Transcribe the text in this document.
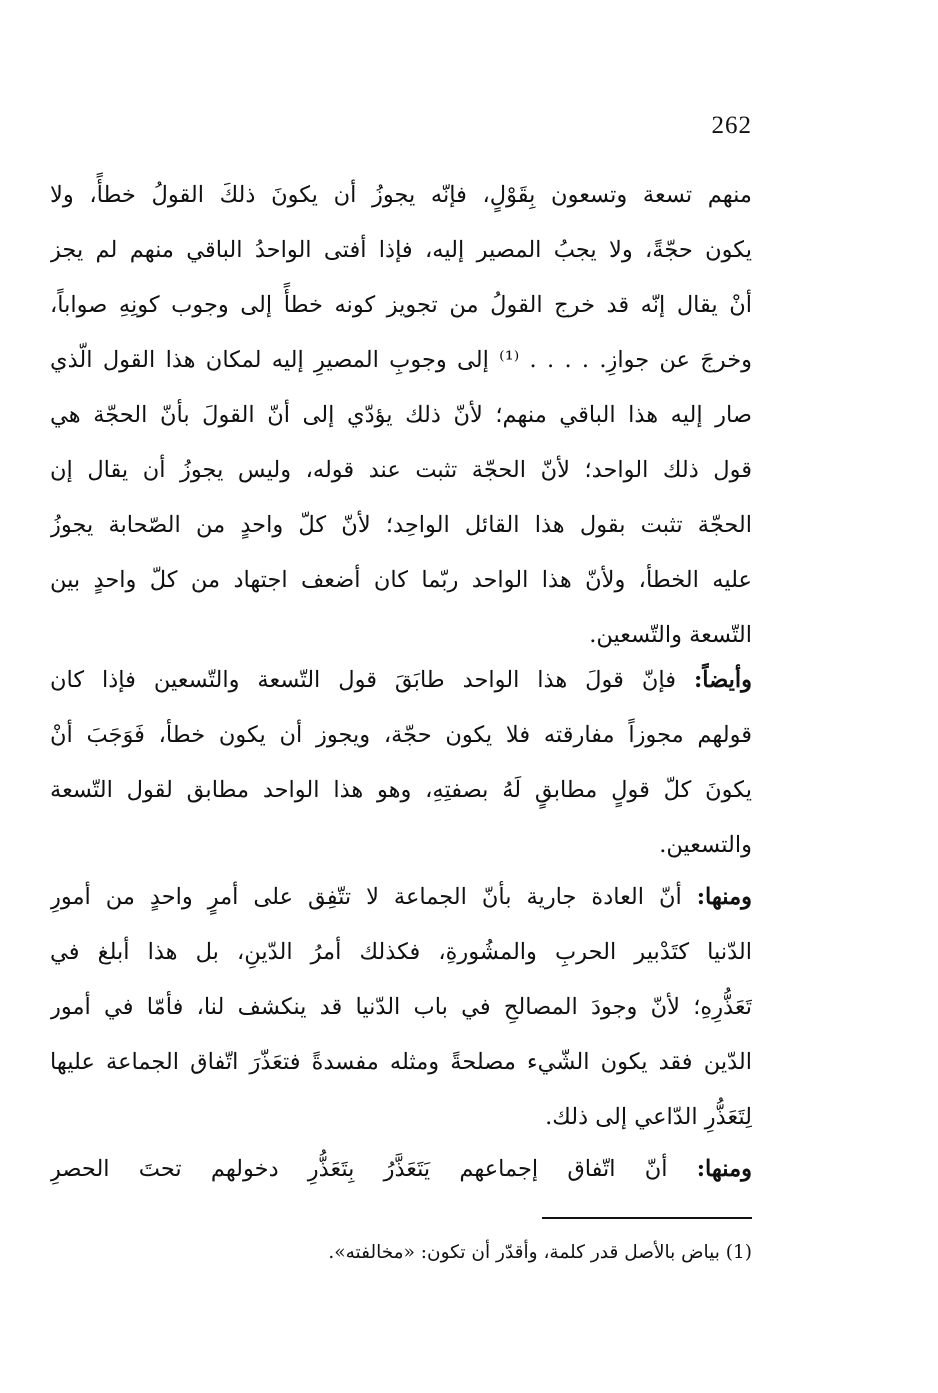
262
منهم تسعة وتسعون بِقَوْلٍ، فإنّه يجوزُ أن يكونَ ذلكَ القولُ خطأً، ولا
يكون حجّةً، ولا يجبُ المصير إليه، فإذا أفتى الواحدُ الباقي منهم لم يجز
أنْ يقال إنّه قد خرج القولُ من تجويز كونه خطأً إلى وجوب كونِهِ صواباً،
وخرجَ عن جوازِ. . . . . ⁽¹⁾ إلى وجوبِ المصيرِ إليه لمكان هذا القول الّذي
صار إليه هذا الباقي منهم؛ لأنّ ذلك يؤدّي إلى أنّ القولَ بأنّ الحجّة هي
قول ذلك الواحد؛ لأنّ الحجّة تثبت عند قوله، وليس يجوزُ أن يقال إن
الحجّة تثبت بقول هذا القائل الواحِد؛ لأنّ كلّ واحدٍ من الصّحابة يجوزُ
عليه الخطأ، ولأنّ هذا الواحد ربّما كان أضعف اجتهاد من كلّ واحدٍ بين
التّسعة والتّسعين.
وأيضاً: فإنّ قولَ هذا الواحد طابَقَ قول التّسعة والتّسعين فإذا كان
قولهم مجوزاً مفارقته فلا يكون حجّة، ويجوز أن يكون خطأ، فَوَجَبَ أنْ
يكونَ كلّ قولٍ مطابقٍ لَهُ بصفتِهِ، وهو هذا الواحد مطابق لقول التّسعة
والتسعين.
ومنها: أنّ العادة جارية بأنّ الجماعة لا تتّفِق على أمرٍ واحدٍ من أمورِ
الدّنيا كتَدْبير الحربِ والمشُورةِ، فكذلك أمرُ الدّينِ، بل هذا أبلغ في
تَعَذُّرِهِ؛ لأنّ وجودَ المصالحِ في باب الدّنيا قد ينكشف لنا، فأمّا في أمور
الدّين فقد يكون الشّيء مصلحةً ومثله مفسدةً فتعَذّرَ اتّفاق الجماعة عليها
لِتَعَذُّرِ الدّاعي إلى ذلك.
ومنها: أنّ اتّفاق إجماعهم يَتَعَذَّرُ بِتَعَذُّرِ دخولهم تحتَ الحصرِ
(1) بياض بالأصل قدر كلمة، وأقدّر أن تكون: «مخالفته».
